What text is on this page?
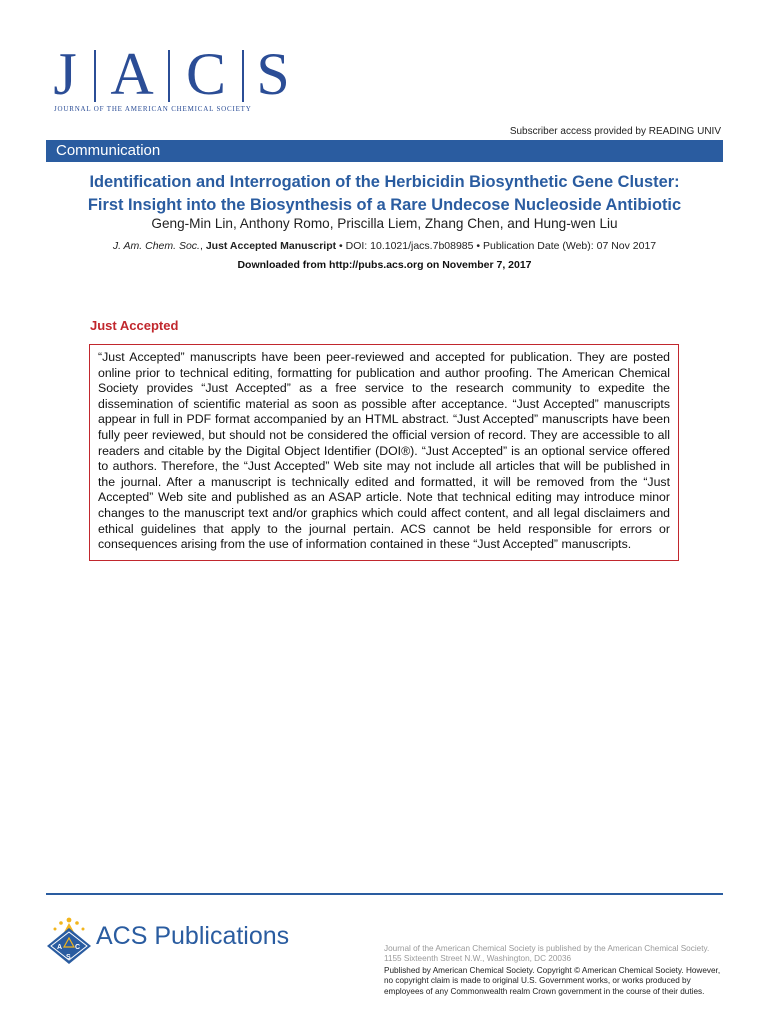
J A C S
JOURNAL OF THE AMERICAN CHEMICAL SOCIETY
Subscriber access provided by READING UNIV
Communication
Identification and Interrogation of the Herbicidin Biosynthetic Gene Cluster:
First Insight into the Biosynthesis of a Rare Undecose Nucleoside Antibiotic
Geng-Min Lin, Anthony Romo, Priscilla Liem, Zhang Chen, and Hung-wen Liu
J. Am. Chem. Soc., Just Accepted Manuscript • DOI: 10.1021/jacs.7b08985 • Publication Date (Web): 07 Nov 2017
Downloaded from http://pubs.acs.org on November 7, 2017
Just Accepted

“Just Accepted” manuscripts have been peer-reviewed and accepted for publication. They are posted online prior to technical editing, formatting for publication and author proofing. The American Chemical Society provides “Just Accepted” as a free service to the research community to expedite the dissemination of scientific material as soon as possible after acceptance. “Just Accepted” manuscripts appear in full in PDF format accompanied by an HTML abstract. “Just Accepted” manuscripts have been fully peer reviewed, but should not be considered the official version of record. They are accessible to all readers and citable by the Digital Object Identifier (DOI®). “Just Accepted” is an optional service offered to authors. Therefore, the “Just Accepted” Web site may not include all articles that will be published in the journal. After a manuscript is technically edited and formatted, it will be removed from the “Just Accepted” Web site and published as an ASAP article. Note that technical editing may introduce minor changes to the manuscript text and/or graphics which could affect content, and all legal disclaimers and ethical guidelines that apply to the journal pertain. ACS cannot be held responsible for errors or consequences arising from the use of information contained in these “Just Accepted” manuscripts.

A C
S
ACS Publications	Journal of the American Chemical Society is published by the American Chemical Society. 1155 Sixteenth Street N.W., Washington, DC 20036
Published by American Chemical Society. Copyright © American Chemical Society. However, no copyright claim is made to original U.S. Government works, or works produced by employees of any Commonwealth realm Crown government in the course of their duties.
